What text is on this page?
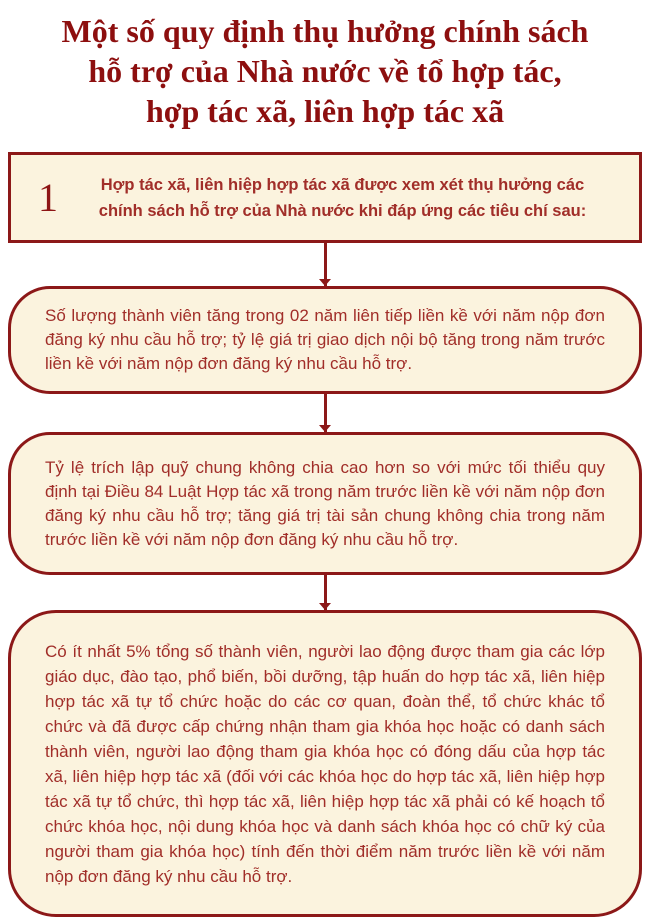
Một số quy định thụ hưởng chính sách
hỗ trợ của Nhà nước về tổ hợp tác,
hợp tác xã, liên hợp tác xã
1	Hợp tác xã, liên hiệp hợp tác xã được xem xét thụ hưởng các chính sách hỗ trợ của Nhà nước khi đáp ứng các tiêu chí sau:

Số lượng thành viên tăng trong 02 năm liên tiếp liền kề với năm nộp đơn đăng ký nhu cầu hỗ trợ; tỷ lệ giá trị giao dịch nội bộ tăng trong năm trước liền kề với năm nộp đơn đăng ký nhu cầu hỗ trợ.

Tỷ lệ trích lập quỹ chung không chia cao hơn so với mức tối thiểu quy định tại Điều 84 Luật Hợp tác xã trong năm trước liền kề với năm nộp đơn đăng ký nhu cầu hỗ trợ; tăng giá trị tài sản chung không chia trong năm trước liền kề với năm nộp đơn đăng ký nhu cầu hỗ trợ.

Có ít nhất 5% tổng số thành viên, người lao động được tham gia các lớp giáo dục, đào tạo, phổ biến, bồi dưỡng, tập huấn do hợp tác xã, liên hiệp hợp tác xã tự tổ chức hoặc do các cơ quan, đoàn thể, tổ chức khác tổ chức và đã được cấp chứng nhận tham gia khóa học hoặc có danh sách thành viên, người lao động tham gia khóa học có đóng dấu của hợp tác xã, liên hiệp hợp tác xã (đối với các khóa học do hợp tác xã, liên hiệp hợp tác xã tự tổ chức, thì hợp tác xã, liên hiệp hợp tác xã phải có kế hoạch tổ chức khóa học, nội dung khóa học và danh sách khóa học có chữ ký của người tham gia khóa học) tính đến thời điểm năm trước liền kề với năm nộp đơn đăng ký nhu cầu hỗ trợ.
